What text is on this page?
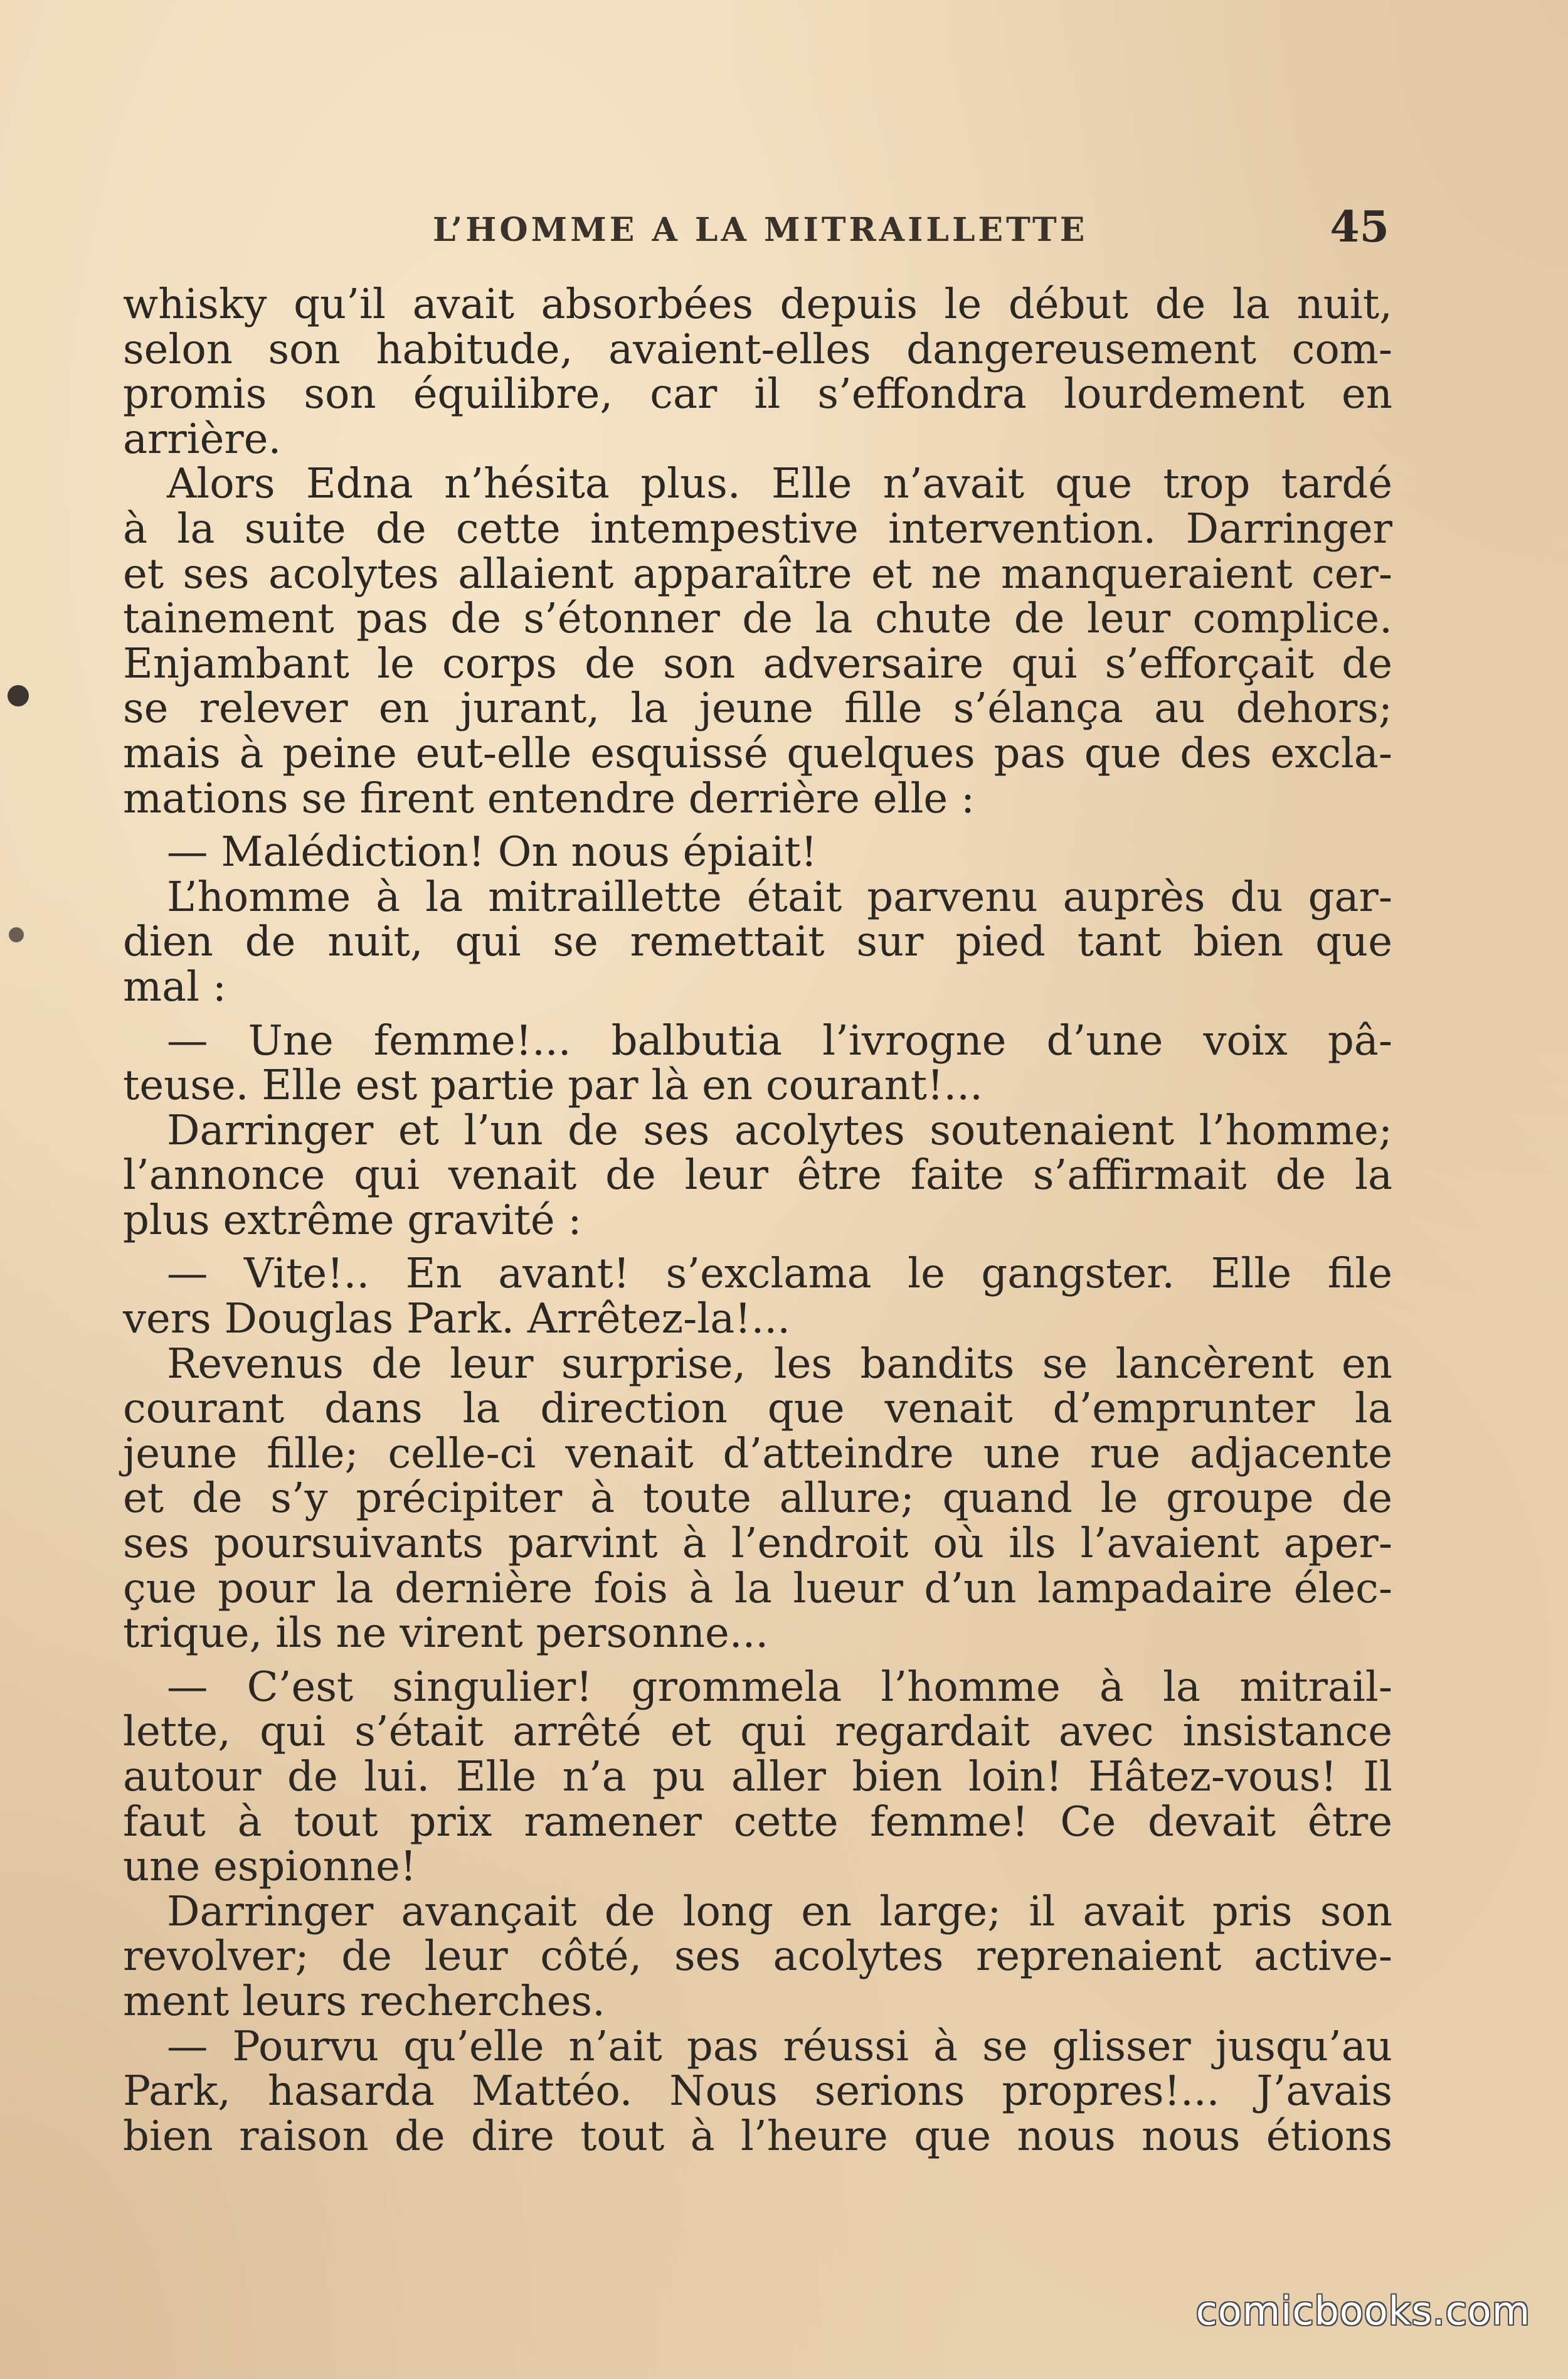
L’HOMME A LA MITRAILLETTE	45
whisky qu’il avait absorbées depuis le début de la nuit,
selon son habitude, avaient-elles dangereusement com-
promis son équilibre, car il s’effondra lourdement en
arrière.
Alors Edna n’hésita plus. Elle n’avait que trop tardé
à la suite de cette intempestive intervention. Darringer
et ses acolytes allaient apparaître et ne manqueraient cer-
tainement pas de s’étonner de la chute de leur complice.
Enjambant le corps de son adversaire qui s’efforçait de
se relever en jurant, la jeune fille s’élança au dehors;
mais à peine eut-elle esquissé quelques pas que des excla-
mations se firent entendre derrière elle :
— Malédiction! On nous épiait!
L’homme à la mitraillette était parvenu auprès du gar-
dien de nuit, qui se remettait sur pied tant bien que
mal :
— Une femme!... balbutia l’ivrogne d’une voix pâ-
teuse. Elle est partie par là en courant!...
Darringer et l’un de ses acolytes soutenaient l’homme;
l’annonce qui venait de leur être faite s’affirmait de la
plus extrême gravité :
— Vite!.. En avant! s’exclama le gangster. Elle file
vers Douglas Park. Arrêtez-la!...
Revenus de leur surprise, les bandits se lancèrent en
courant dans la direction que venait d’emprunter la
jeune fille; celle-ci venait d’atteindre une rue adjacente
et de s’y précipiter à toute allure; quand le groupe de
ses poursuivants parvint à l’endroit où ils l’avaient aper-
çue pour la dernière fois à la lueur d’un lampadaire élec-
trique, ils ne virent personne...
— C’est singulier! grommela l’homme à la mitrail-
lette, qui s’était arrêté et qui regardait avec insistance
autour de lui. Elle n’a pu aller bien loin! Hâtez-vous! Il
faut à tout prix ramener cette femme! Ce devait être
une espionne!
Darringer avançait de long en large; il avait pris son
revolver; de leur côté, ses acolytes reprenaient active-
ment leurs recherches.
— Pourvu qu’elle n’ait pas réussi à se glisser jusqu’au
Park, hasarda Mattéo. Nous serions propres!... J’avais
bien raison de dire tout à l’heure que nous nous étions
comicbooks.com
